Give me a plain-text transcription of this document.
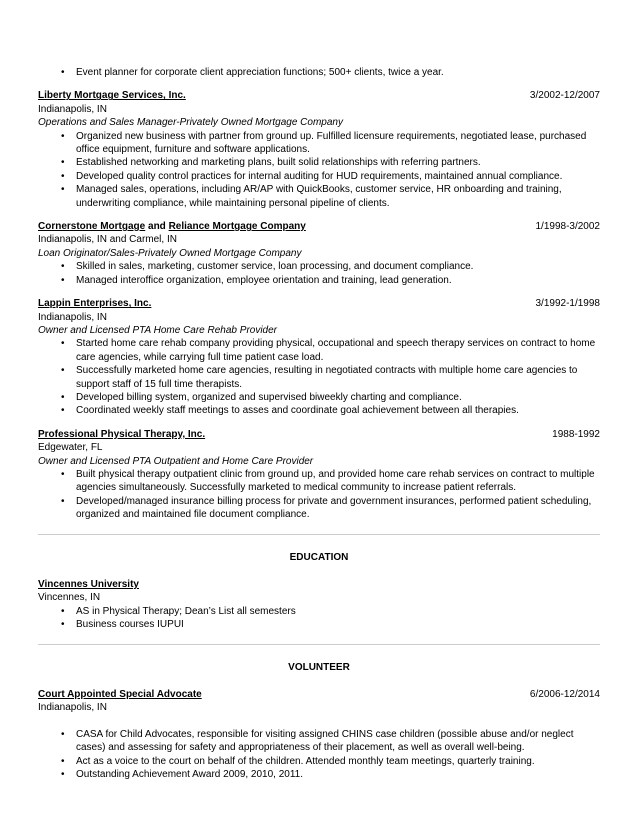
• Event planner for corporate client appreciation functions; 500+ clients, twice a year.
Liberty Mortgage Services, Inc.	3/2002-12/2007
Indianapolis, IN
Operations and Sales Manager-Privately Owned Mortgage Company
• Organized new business with partner from ground up. Fulfilled licensure requirements, negotiated lease, purchased office equipment, furniture and software applications.
• Established networking and marketing plans, built solid relationships with referring partners.
• Developed quality control practices for internal auditing for HUD requirements, maintained annual compliance.
• Managed sales, operations, including AR/AP with QuickBooks, customer service, HR onboarding and training, underwriting compliance, while maintaining personal pipeline of clients.
Cornerstone Mortgage and Reliance Mortgage Company	1/1998-3/2002
Indianapolis, IN and Carmel, IN
Loan Originator/Sales-Privately Owned Mortgage Company
• Skilled in sales, marketing, customer service, loan processing, and document compliance.
• Managed interoffice organization, employee orientation and training, lead generation.
Lappin Enterprises, Inc.	3/1992-1/1998
Indianapolis, IN
Owner and Licensed PTA Home Care Rehab Provider
• Started home care rehab company providing physical, occupational and speech therapy services on contract to home care agencies, while carrying full time patient case load.
• Successfully marketed home care agencies, resulting in negotiated contracts with multiple home care agencies to support staff of 15 full time therapists.
• Developed billing system, organized and supervised biweekly charting and compliance.
• Coordinated weekly staff meetings to asses and coordinate goal achievement between all therapies.
Professional Physical Therapy, Inc.	1988-1992
Edgewater, FL
Owner and Licensed PTA Outpatient and Home Care Provider
• Built physical therapy outpatient clinic from ground up, and provided home care rehab services on contract to multiple agencies simultaneously. Successfully marketed to medical community to increase patient referrals.
• Developed/managed insurance billing process for private and government insurances, performed patient scheduling, organized and maintained file document compliance.
EDUCATION
Vincennes University
Vincennes, IN
• AS in Physical Therapy; Dean’s List all semesters
• Business courses IUPUI
VOLUNTEER
Court Appointed Special Advocate	6/2006-12/2014
Indianapolis, IN
• CASA for Child Advocates, responsible for visiting assigned CHINS case children (possible abuse and/or neglect cases) and assessing for safety and appropriateness of their placement, as well as overall well-being.
• Act as a voice to the court on behalf of the children. Attended monthly team meetings, quarterly training.
• Outstanding Achievement Award 2009, 2010, 2011.
